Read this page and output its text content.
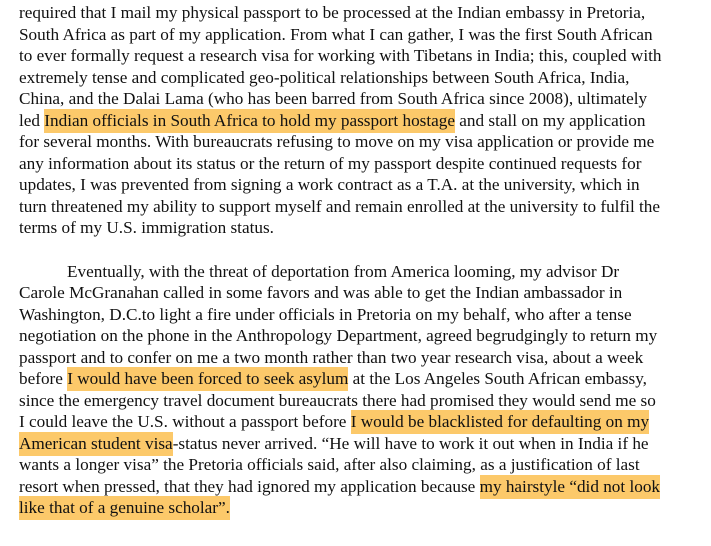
required that I mail my physical passport to be processed at the Indian embassy in Pretoria,
South Africa as part of my application. From what I can gather, I was the first South African
to ever formally request a research visa for working with Tibetans in India; this, coupled with
extremely tense and complicated geo-political relationships between South Africa, India,
China, and the Dalai Lama (who has been barred from South Africa since 2008), ultimately
led Indian officials in South Africa to hold my passport hostage and stall on my application
for several months. With bureaucrats refusing to move on my visa application or provide me
any information about its status or the return of my passport despite continued requests for
updates, I was prevented from signing a work contract as a T.A. at the university, which in
turn threatened my ability to support myself and remain enrolled at the university to fulfil the
terms of my U.S. immigration status.
Eventually, with the threat of deportation from America looming, my advisor Dr
Carole McGranahan called in some favors and was able to get the Indian ambassador in
Washington, D.C.to light a fire under officials in Pretoria on my behalf, who after a tense
negotiation on the phone in the Anthropology Department, agreed begrudgingly to return my
passport and to confer on me a two month rather than two year research visa, about a week
before I would have been forced to seek asylum at the Los Angeles South African embassy,
since the emergency travel document bureaucrats there had promised they would send me so
I could leave the U.S. without a passport before I would be blacklisted for defaulting on my
American student visa-status never arrived. “He will have to work it out when in India if he
wants a longer visa” the Pretoria officials said, after also claiming, as a justification of last
resort when pressed, that they had ignored my application because my hairstyle “did not look
like that of a genuine scholar”.
